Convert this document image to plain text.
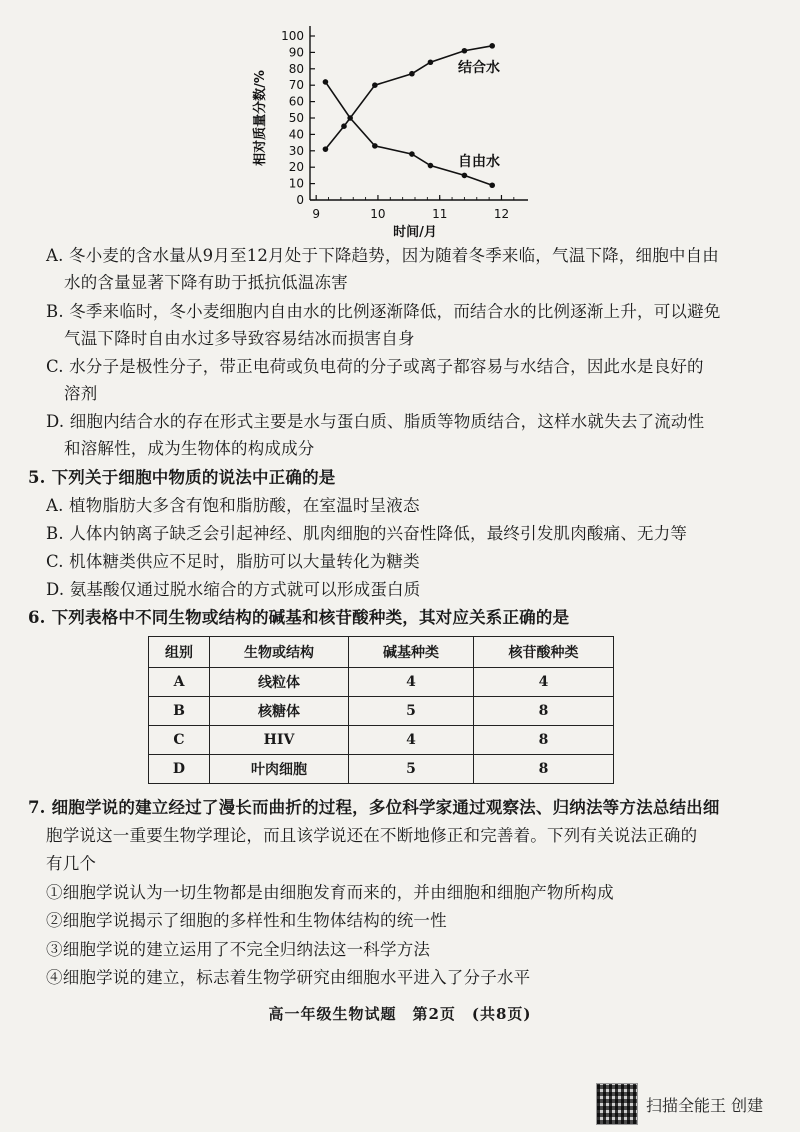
0
10
20
30
40
50
60
70
80
90
100
9	10	11	12
时间/月
相对质量分数/%
结合水
自由水
A. 冬小麦的含水量从9月至12月处于下降趋势，因为随着冬季来临，气温下降，细胞中自由
水的含量显著下降有助于抵抗低温冻害
B. 冬季来临时，冬小麦细胞内自由水的比例逐渐降低，而结合水的比例逐渐上升，可以避免
气温下降时自由水过多导致容易结冰而损害自身
C. 水分子是极性分子，带正电荷或负电荷的分子或离子都容易与水结合，因此水是良好的
溶剂
D. 细胞内结合水的存在形式主要是水与蛋白质、脂质等物质结合，这样水就失去了流动性
和溶解性，成为生物体的构成成分
5. 下列关于细胞中物质的说法中正确的是
A. 植物脂肪大多含有饱和脂肪酸，在室温时呈液态
B. 人体内钠离子缺乏会引起神经、肌肉细胞的兴奋性降低，最终引发肌肉酸痛、无力等
C. 机体糖类供应不足时，脂肪可以大量转化为糖类
D. 氨基酸仅通过脱水缩合的方式就可以形成蛋白质
6. 下列表格中不同生物或结构的碱基和核苷酸种类，其对应关系正确的是
7. 细胞学说的建立经过了漫长而曲折的过程，多位科学家通过观察法、归纳法等方法总结出细
胞学说这一重要生物学理论，而且该学说还在不断地修正和完善着。下列有关说法正确的
有几个
①细胞学说认为一切生物都是由细胞发育而来的，并由细胞和细胞产物所构成
②细胞学说揭示了细胞的多样性和生物体结构的统一性
③细胞学说的建立运用了不完全归纳法这一科学方法
④细胞学说的建立，标志着生物学研究由细胞水平进入了分子水平
组别	生物或结构	碱基种类	核苷酸种类
A	线粒体	4	4
B	核糖体	5	8
C	HIV	4	8
D	叶肉细胞	5	8
高一年级生物试题　第2页　(共8页)
扫描全能王 创建
